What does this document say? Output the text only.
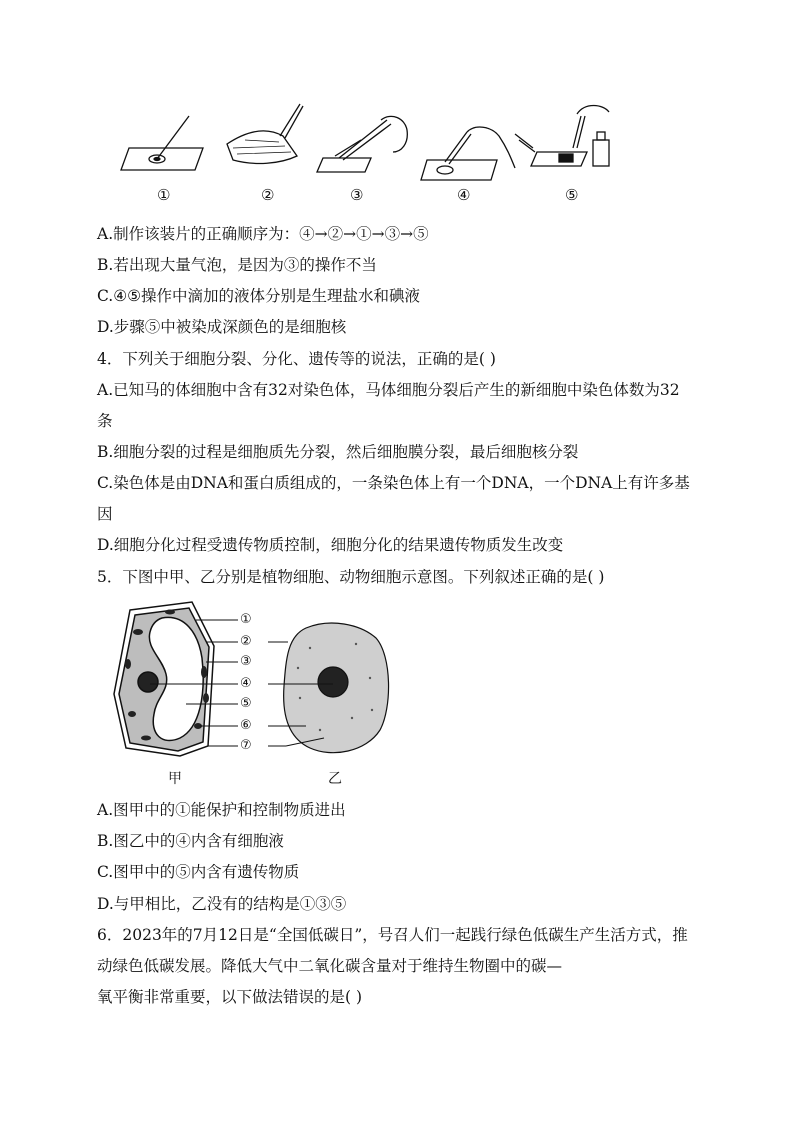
①	②	③	④	⑤
A.制作该装片的正确顺序为：④→②→①→③→⑤
B.若出现大量气泡，是因为③的操作不当
C.④⑤操作中滴加的液体分别是生理盐水和碘液
D.步骤⑤中被染成深颜色的是细胞核
4．下列关于细胞分裂、分化、遗传等的说法，正确的是( )
A.已知马的体细胞中含有32对染色体，马体细胞分裂后产生的新细胞中染色体数为32
条
B.细胞分裂的过程是细胞质先分裂，然后细胞膜分裂，最后细胞核分裂
C.染色体是由DNA和蛋白质组成的，一条染色体上有一个DNA，一个DNA上有许多基
因
D.细胞分化过程受遗传物质控制，细胞分化的结果遗传物质发生改变
5．下图中甲、乙分别是植物细胞、动物细胞示意图。下列叙述正确的是( )
①
②
③
④
⑤
⑥
⑦
甲	乙
A.图甲中的①能保护和控制物质进出
B.图乙中的④内含有细胞液
C.图甲中的⑤内含有遗传物质
D.与甲相比，乙没有的结构是①③⑤
6．2023年的7月12日是“全国低碳日”，号召人们一起践行绿色低碳生产生活方式，推
动绿色低碳发展。降低大气中二氧化碳含量对于维持生物圈中的碳—
氧平衡非常重要，以下做法错误的是( )
